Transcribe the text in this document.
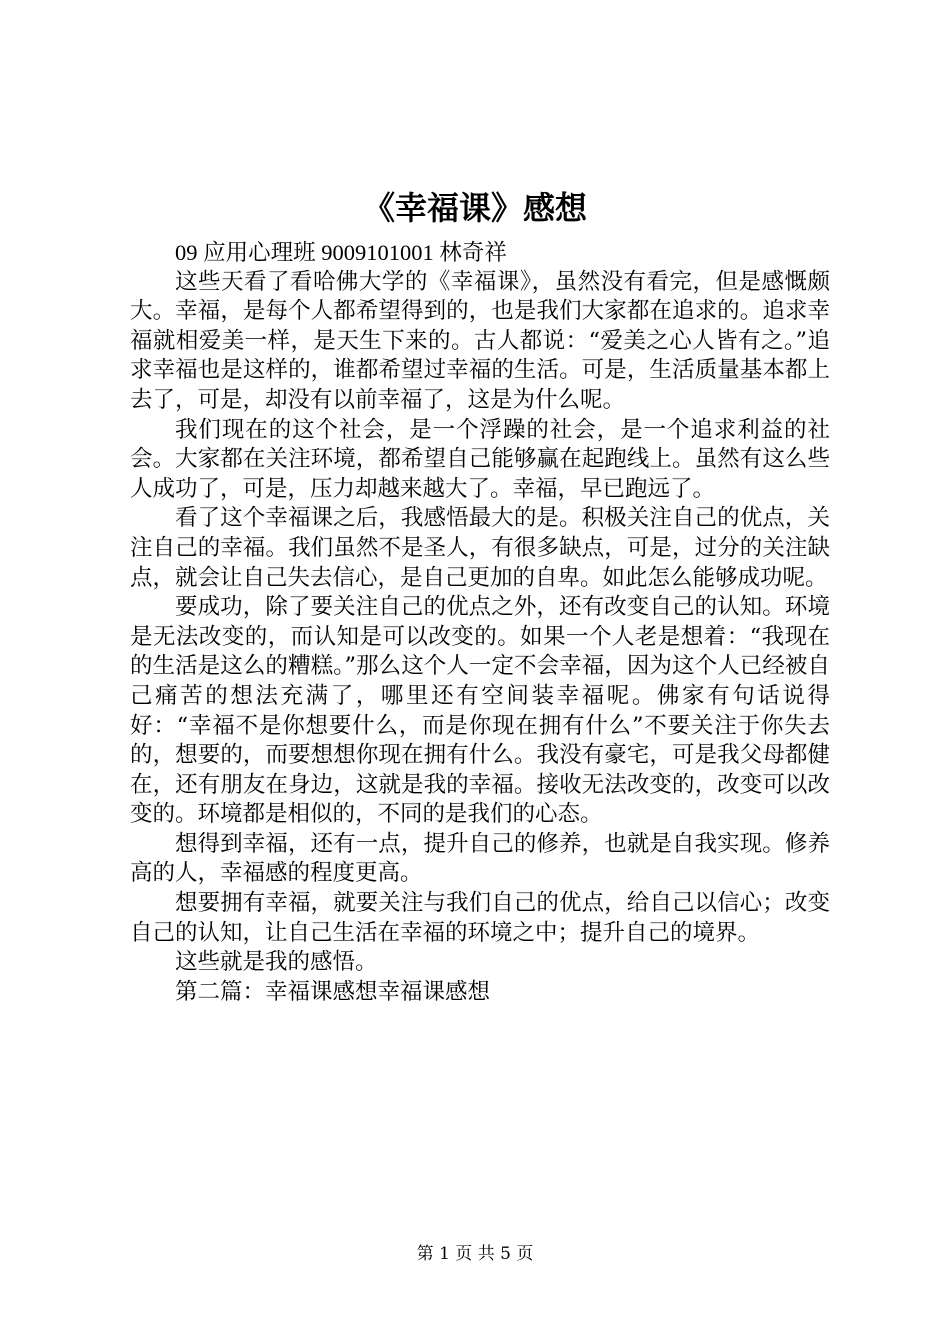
《幸福课》感想

09 应用心理班 9009101001 林奇祥

这些天看了看哈佛大学的《幸福课》，虽然没有看完，但是感慨颇大。幸福，是每个人都希望得到的，也是我们大家都在追求的。追求幸福就相爱美一样，是天生下来的。古人都说：“爱美之心人皆有之。”追求幸福也是这样的，谁都希望过幸福的生活。可是，生活质量基本都上去了，可是，却没有以前幸福了，这是为什么呢。

我们现在的这个社会，是一个浮躁的社会，是一个追求利益的社会。大家都在关注环境，都希望自己能够赢在起跑线上。虽然有这么些人成功了，可是，压力却越来越大了。幸福，早已跑远了。

看了这个幸福课之后，我感悟最大的是。积极关注自己的优点，关注自己的幸福。我们虽然不是圣人，有很多缺点，可是，过分的关注缺点，就会让自己失去信心，是自己更加的自卑。如此怎么能够成功呢。

要成功，除了要关注自己的优点之外，还有改变自己的认知。环境是无法改变的，而认知是可以改变的。如果一个人老是想着：“我现在的生活是这么的糟糕。”那么这个人一定不会幸福，因为这个人已经被自己痛苦的想法充满了，哪里还有空间装幸福呢。佛家有句话说得好：“幸福不是你想要什么，而是你现在拥有什么”不要关注于你失去的，想要的，而要想想你现在拥有什么。我没有豪宅，可是我父母都健在，还有朋友在身边，这就是我的幸福。接收无法改变的，改变可以改变的。环境都是相似的，不同的是我们的心态。

想得到幸福，还有一点，提升自己的修养，也就是自我实现。修养高的人，幸福感的程度更高。

想要拥有幸福，就要关注与我们自己的优点，给自己以信心；改变自己的认知，让自己生活在幸福的环境之中；提升自己的境界。

这些就是我的感悟。

第二篇：幸福课感想幸福课感想

第 1 页 共 5 页
